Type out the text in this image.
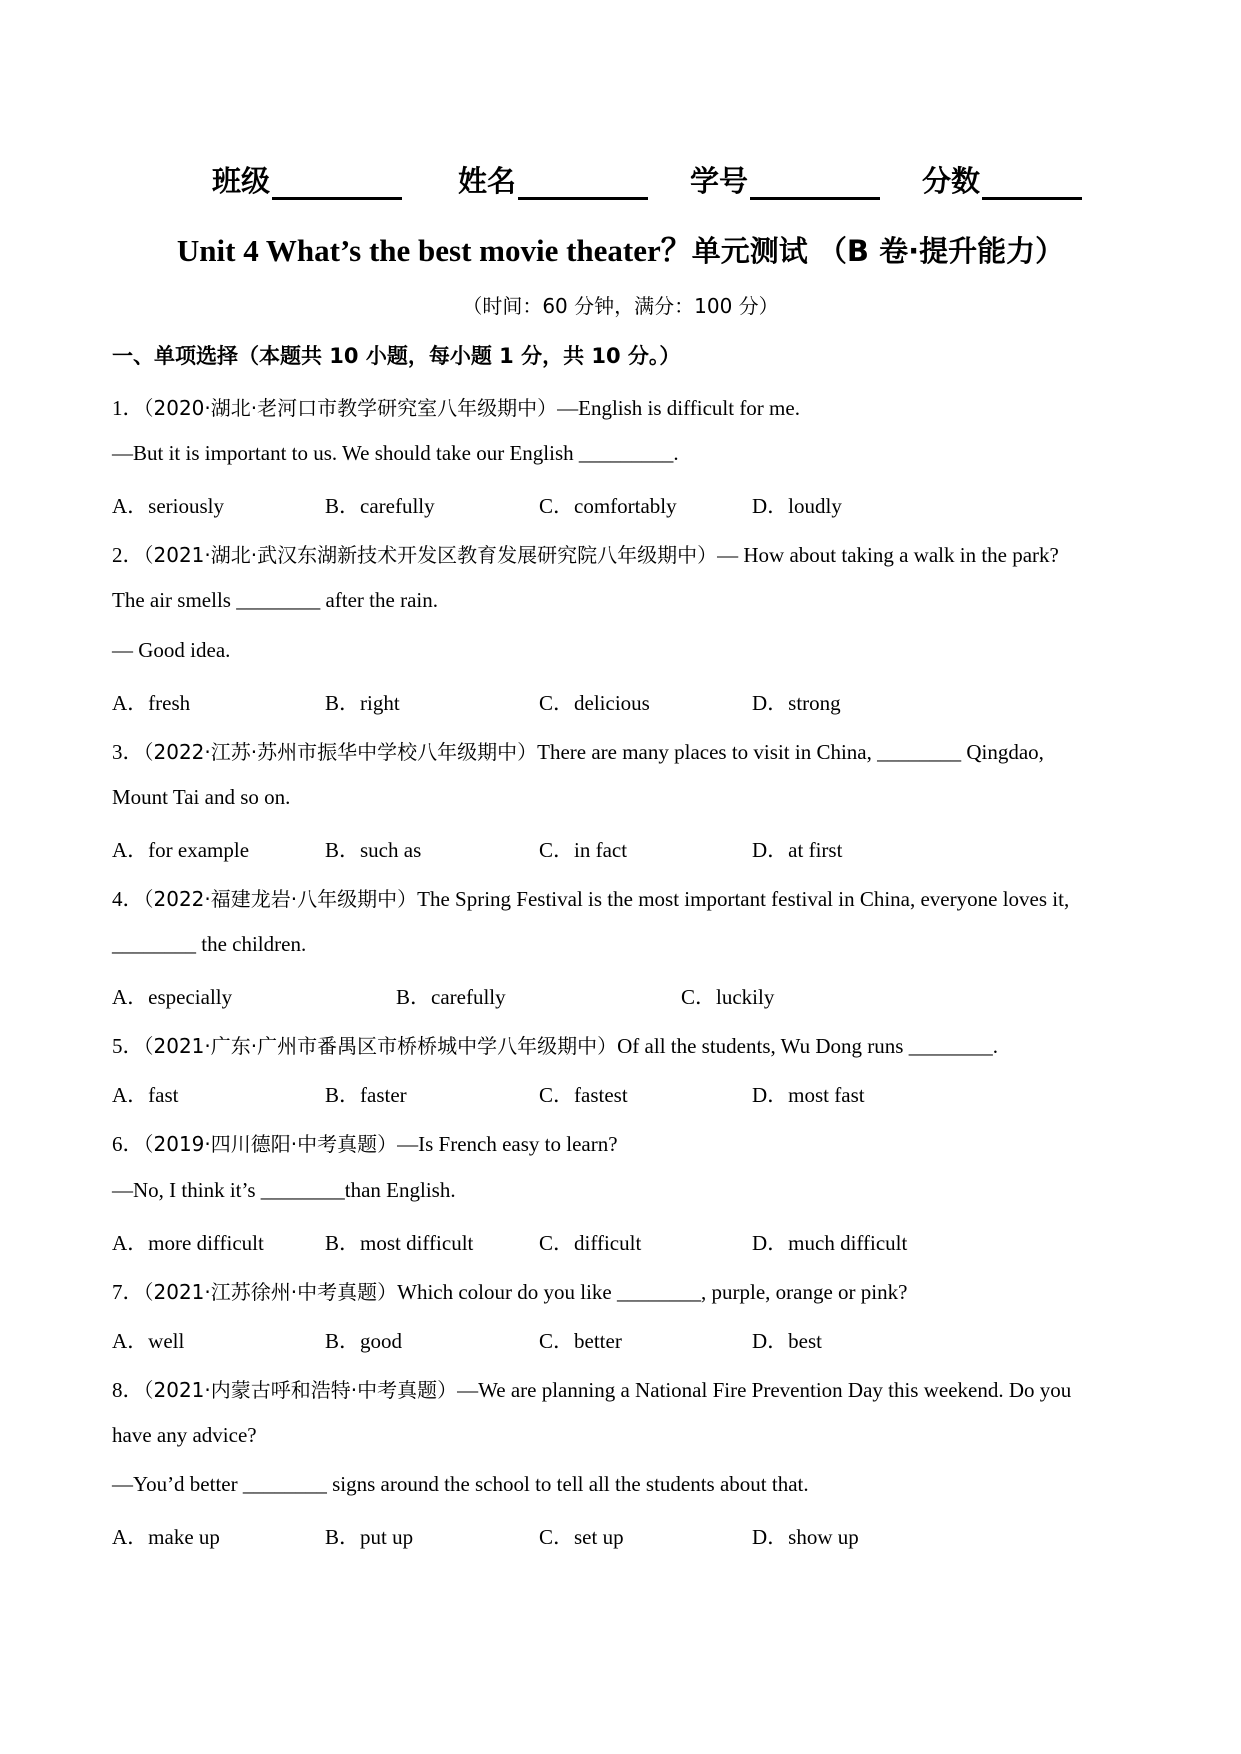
班级	姓名	学号	分数
Unit 4 What’s the best movie theater？单元测试 （B 卷·提升能力）
（时间：60 分钟，满分：100 分）
一、单项选择（本题共 10 小题，每小题 1 分，共 10 分。）
1．（2020·湖北·老河口市教学研究室八年级期中）—English is difficult for me.
—But it is important to us. We should take our English _________.
A．seriously	B．carefully	C．comfortably	D．loudly
2．（2021·湖北·武汉东湖新技术开发区教育发展研究院八年级期中）— How about taking a walk in the park?
The air smells ________ after the rain.
— Good idea.
A．fresh	B．right	C．delicious	D．strong
3．（2022·江苏·苏州市振华中学校八年级期中）There are many places to visit in China, ________ Qingdao,
Mount Tai and so on.
A．for example	B．such as	C．in fact	D．at first
4．（2022·福建龙岩·八年级期中）The Spring Festival is the most important festival in China, everyone loves it,
________ the children.
A．especially	B．carefully	C．luckily
5．（2021·广东·广州市番禺区市桥桥城中学八年级期中）Of all the students, Wu Dong runs ________.
A．fast	B．faster	C．fastest	D．most fast
6．（2019·四川德阳·中考真题）—Is French easy to learn?
—No, I think it’s ________than English.
A．more difficult	B．most difficult	C．difficult	D．much difficult
7．（2021·江苏徐州·中考真题）Which colour do you like ________, purple, orange or pink?
A．well	B．good	C．better	D．best
8．（2021·内蒙古呼和浩特·中考真题）—We are planning a National Fire Prevention Day this weekend. Do you
have any advice?
—You’d better ________ signs around the school to tell all the students about that.
A．make up	B．put up	C．set up	D．show up
